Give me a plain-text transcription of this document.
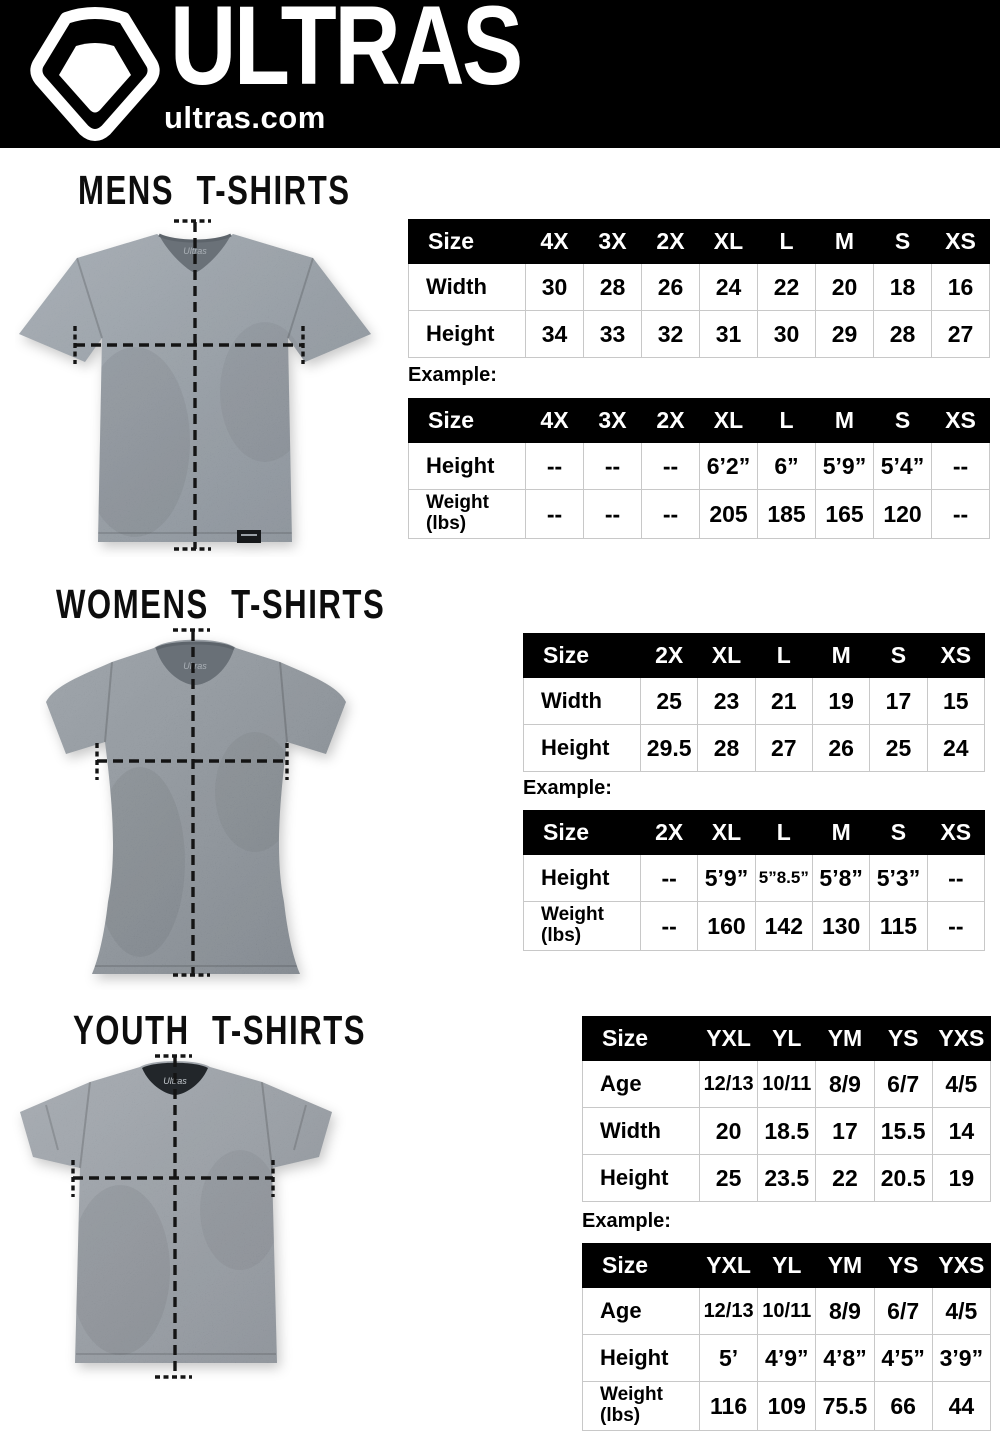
ULTRAS
ultras.com
MENS T-SHIRTS
Ultras	Size	4X	3X	2X	XL	L	M	S	XS
Width	30	28	26	24	22	20	18	16
Height	34	33	32	31	30	29	28	27
Example:
Size	4X	3X	2X	XL	L	M	S	XS
Height	--	--	--	6’2”	6”	5’9”	5’4”	--

Weight
(lbs)	--	--	--	205	185	165	120	--
WOMENS T-SHIRTS
Ultras	Size	2X	XL	L	M	S	XS
Width	25	23	21	19	17	15
Height	29.5	28	27	26	25	24
Example:
Size	2X	XL	L	M	S	XS
Height	--	5’9”	5”8.5”	5’8”	5’3”	--

Weight
(lbs)	--	160	142	130	115	--
YOUTH T-SHIRTS
Ultras
Size	YXL	YL	YM	YS	YXS
Age	12/13	10/11	8/9	6/7	4/5
Width	20	18.5	17	15.5	14
Height	25	23.5	22	20.5	19
Example:
Size	YXL	YL	YM	YS	YXS
Age	12/13	10/11	8/9	6/7	4/5
Height	5’	4’9”	4’8”	4’5”	3’9”

Weight
(lbs)	116	109	75.5	66	44
